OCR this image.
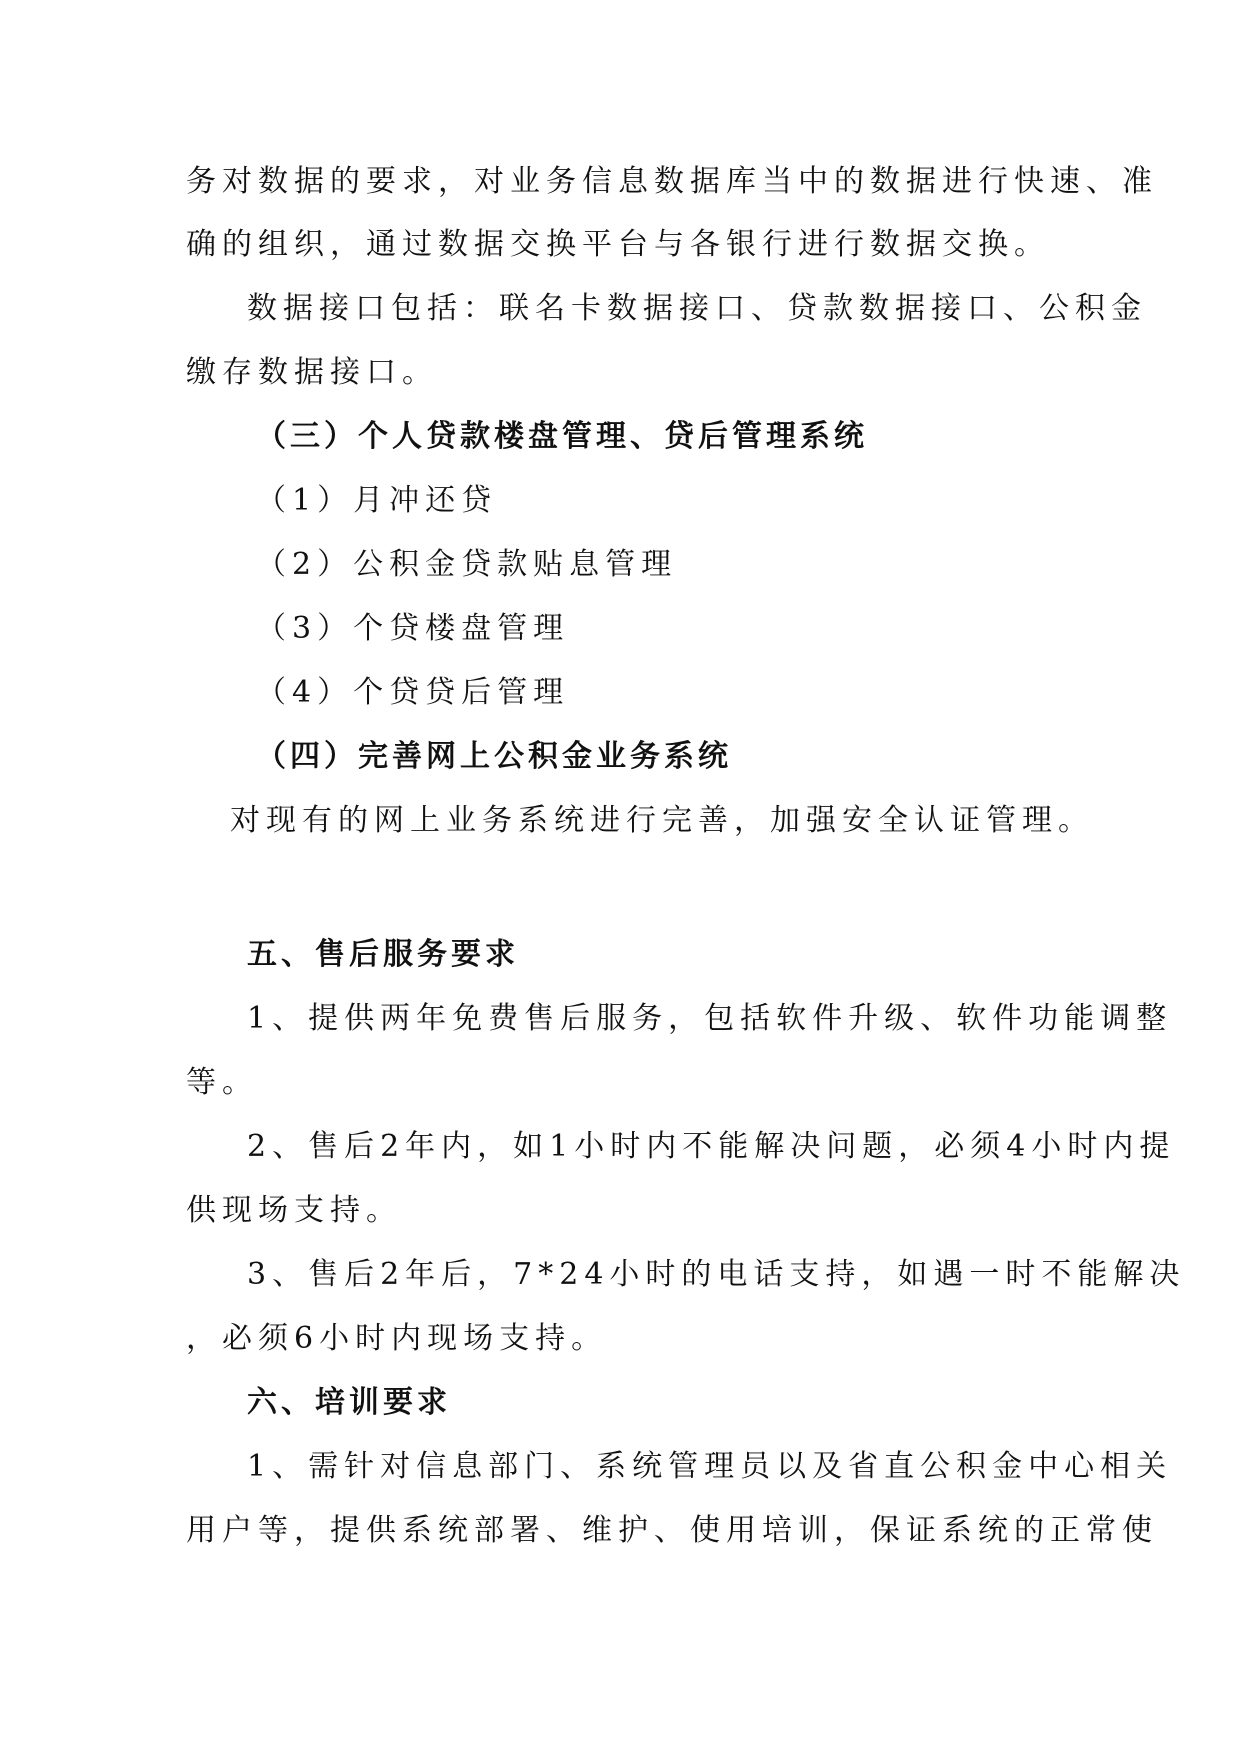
务对数据的要求，对业务信息数据库当中的数据进行快速、准
确的组织，通过数据交换平台与各银行进行数据交换。
数据接口包括：联名卡数据接口、贷款数据接口、公积金
缴存数据接口。
（三）个人贷款楼盘管理、贷后管理系统
（1）月冲还贷
（2）公积金贷款贴息管理
（3）个贷楼盘管理
（4）个贷贷后管理
（四）完善网上公积金业务系统
对现有的网上业务系统进行完善，加强安全认证管理。
五、售后服务要求
1、提供两年免费售后服务，包括软件升级、软件功能调整
等。
2、售后2年内，如1小时内不能解决问题，必须4小时内提
供现场支持。
3、售后2年后，7*24小时的电话支持，如遇一时不能解决
，必须6小时内现场支持。
六、培训要求
1、需针对信息部门、系统管理员以及省直公积金中心相关
用户等，提供系统部署、维护、使用培训，保证系统的正常使
